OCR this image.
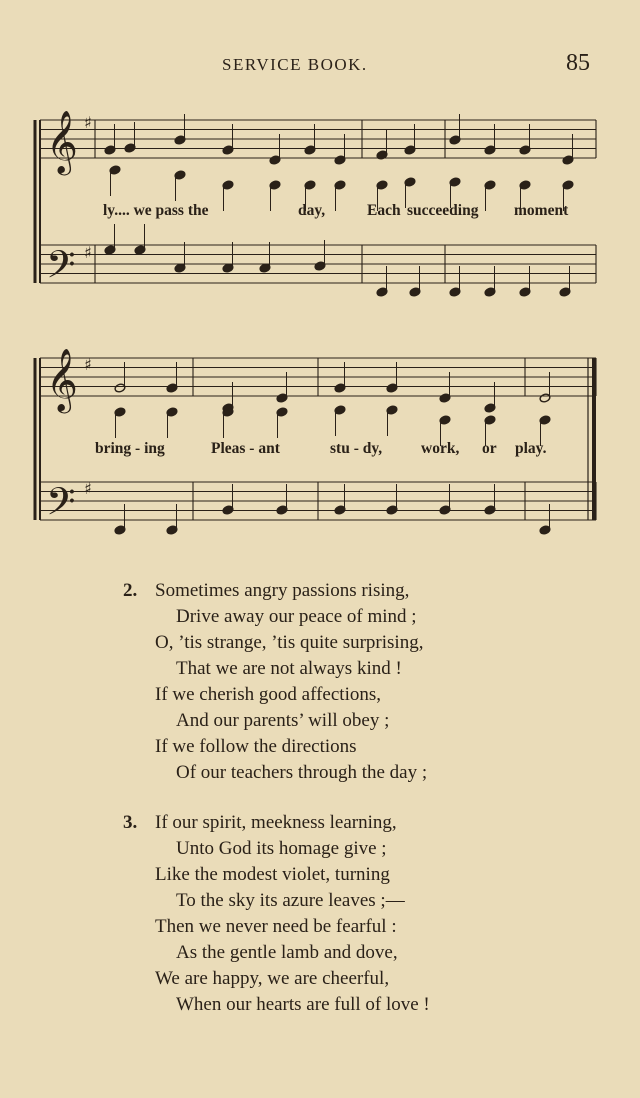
SERVICE BOOK.	85
𝄞
𝄞
𝄢
𝄢
♯
♯
♯
♯
ly.... we pass the	day,	Each succeeding moment
bring - ing	Pleas - ant	stu - dy,	work, or play.
2. Sometimes angry passions rising,
Drive away our peace of mind ;
O, ’tis strange, ’tis quite surprising,
That we are not always kind !
If we cherish good affections,
And our parents’ will obey ;
If we follow the directions
Of our teachers through the day ;
3. If our spirit, meekness learning,
Unto God its homage give ;
Like the modest violet, turning
To the sky its azure leaves ;—
Then we never need be fearful :
As the gentle lamb and dove,
We are happy, we are cheerful,
When our hearts are full of love !
